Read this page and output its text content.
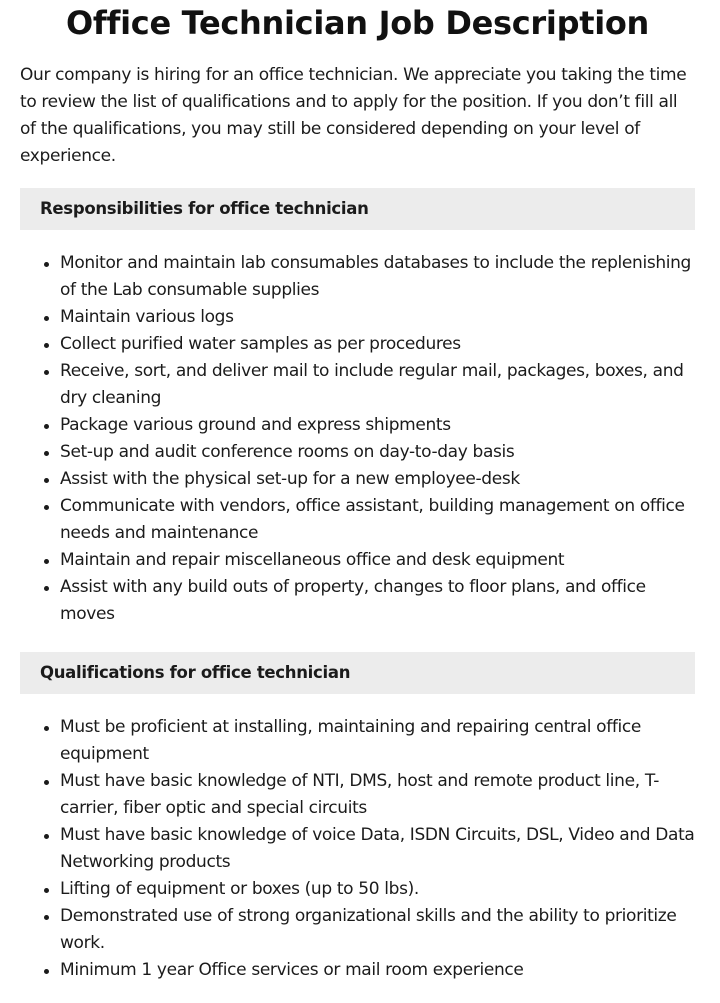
Office Technician Job Description

Our company is hiring for an office technician. We appreciate you taking the time to review the list of qualifications and to apply for the position. If you don’t fill all of the qualifications, you may still be considered depending on your level of experience.

Responsibilities for office technician
Monitor and maintain lab consumables databases to include the replenishing of the Lab consumable supplies
Maintain various logs
Collect purified water samples as per procedures
Receive, sort, and deliver mail to include regular mail, packages, boxes, and dry cleaning
Package various ground and express shipments
Set-up and audit conference rooms on day-to-day basis
Assist with the physical set-up for a new employee-desk
Communicate with vendors, office assistant, building management on office needs and maintenance
Maintain and repair miscellaneous office and desk equipment
Assist with any build outs of property, changes to floor plans, and office moves
Qualifications for office technician
Must be proficient at installing, maintaining and repairing central office equipment
Must have basic knowledge of NTI, DMS, host and remote product line, T-carrier, fiber optic and special circuits
Must have basic knowledge of voice Data, ISDN Circuits, DSL, Video and Data Networking products
Lifting of equipment or boxes (up to 50 lbs).
Demonstrated use of strong organizational skills and the ability to prioritize work.
Minimum 1 year Office services or mail room experience
